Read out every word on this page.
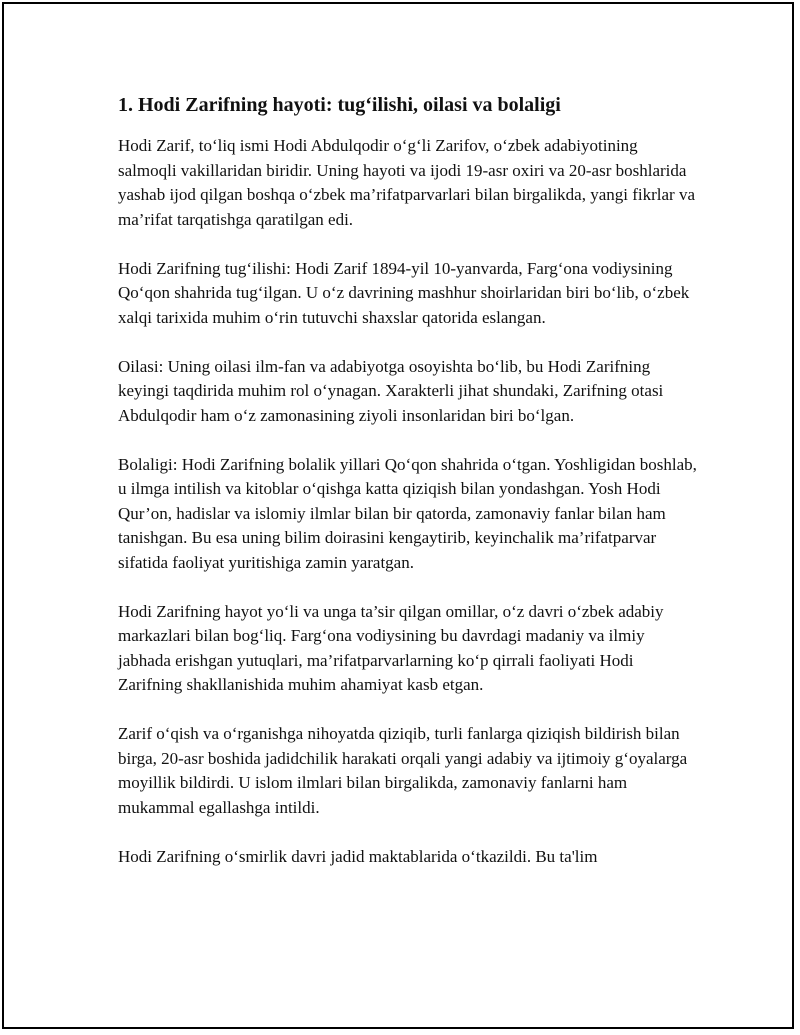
1. Hodi Zarifning hayoti: tug‘ilishi, oilasi va bolaligi

Hodi Zarif, to‘liq ismi Hodi Abdulqodir o‘g‘li Zarifov, o‘zbek adabiyotining salmoqli vakillaridan biridir. Uning hayoti va ijodi 19-asr oxiri va 20-asr boshlarida yashab ijod qilgan boshqa o‘zbek ma’rifatparvarlari bilan birgalikda, yangi fikrlar va ma’rifat tarqatishga qaratilgan edi.

Hodi Zarifning tug‘ilishi: Hodi Zarif 1894-yil 10-yanvarda, Farg‘ona vodiysining Qo‘qon shahrida tug‘ilgan. U o‘z davrining mashhur shoirlaridan biri bo‘lib, o‘zbek xalqi tarixida muhim o‘rin tutuvchi shaxslar qatorida eslangan.

Oilasi: Uning oilasi ilm-fan va adabiyotga osoyishta bo‘lib, bu Hodi Zarifning keyingi taqdirida muhim rol o‘ynagan. Xarakterli jihat shundaki, Zarifning otasi Abdulqodir ham o‘z zamonasining ziyoli insonlaridan biri bo‘lgan.

Bolaligi: Hodi Zarifning bolalik yillari Qo‘qon shahrida o‘tgan. Yoshligidan boshlab, u ilmga intilish va kitoblar o‘qishga katta qiziqish bilan yondashgan. Yosh Hodi Qur’on, hadislar va islomiy ilmlar bilan bir qatorda, zamonaviy fanlar bilan ham tanishgan. Bu esa uning bilim doirasini kengaytirib, keyinchalik ma’rifatparvar sifatida faoliyat yuritishiga zamin yaratgan.

Hodi Zarifning hayot yo‘li va unga ta’sir qilgan omillar, o‘z davri o‘zbek adabiy markazlari bilan bog‘liq. Farg‘ona vodiysining bu davrdagi madaniy va ilmiy jabhada erishgan yutuqlari, ma’rifatparvarlarning ko‘p qirrali faoliyati Hodi Zarifning shakllanishida muhim ahamiyat kasb etgan.

Zarif o‘qish va o‘rganishga nihoyatda qiziqib, turli fanlarga qiziqish bildirish bilan birga, 20-asr boshida jadidchilik harakati orqali yangi adabiy va ijtimoiy g‘oyalarga moyillik bildirdi. U islom ilmlari bilan birgalikda, zamonaviy fanlarni ham mukammal egallashga intildi.

Hodi Zarifning o‘smirlik davri jadid maktablarida o‘tkazildi. Bu ta'lim
